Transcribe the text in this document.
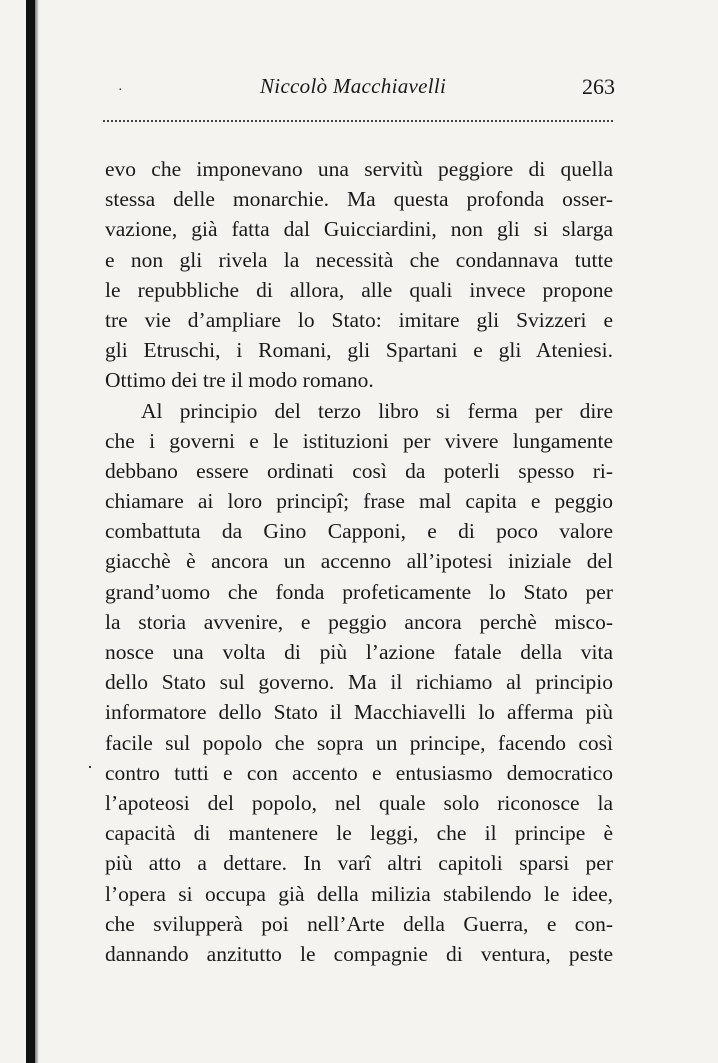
·	Niccolò Macchiavelli	263
evo che imponevano una servitù peggiore di quella
stessa delle monarchie. Ma questa profonda osser-
vazione, già fatta dal Guicciardini, non gli si slarga
e non gli rivela la necessità che condannava tutte
le repubbliche di allora, alle quali invece propone
tre vie d’ampliare lo Stato: imitare gli Svizzeri e
gli Etruschi, i Romani, gli Spartani e gli Ateniesi.
Ottimo dei tre il modo romano.
Al principio del terzo libro si ferma per dire
che i governi e le istituzioni per vivere lungamente
debbano essere ordinati così da poterli spesso ri-
chiamare ai loro principî; frase mal capita e peggio
combattuta da Gino Capponi, e di poco valore
giacchè è ancora un accenno all’ipotesi iniziale del
grand’uomo che fonda profeticamente lo Stato per
la storia avvenire, e peggio ancora perchè misco-
nosce una volta di più l’azione fatale della vita
dello Stato sul governo. Ma il richiamo al principio
informatore dello Stato il Macchiavelli lo afferma più
facile sul popolo che sopra un principe, facendo così
contro tutti e con accento e entusiasmo democratico
l’apoteosi del popolo, nel quale solo riconosce la
capacità di mantenere le leggi, che il principe è
più atto a dettare. In varî altri capitoli sparsi per
l’opera si occupa già della milizia stabilendo le idee,
che svilupperà poi nell’Arte della Guerra, e con-
dannando anzitutto le compagnie di ventura, peste
·
